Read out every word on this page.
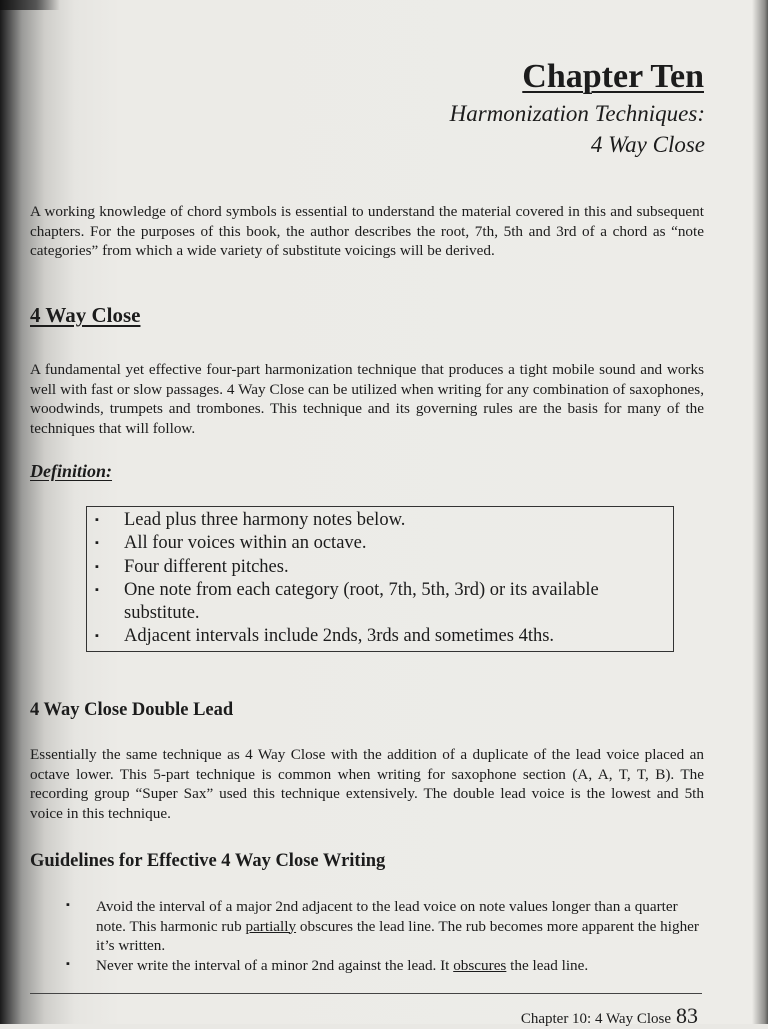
Chapter Ten
Harmonization Techniques:
4 Way Close

A working knowledge of chord symbols is essential to understand the material covered in this and subsequent chapters. For the purposes of this book, the author describes the root, 7th, 5th and 3rd of a chord as “note categories” from which a wide variety of substitute voicings will be derived.

4 Way Close

A fundamental yet effective four-part harmonization technique that produces a tight mobile sound and works well with fast or slow passages. 4 Way Close can be utilized when writing for any combination of saxophones, woodwinds, trumpets and trombones. This technique and its governing rules are the basis for many of the techniques that will follow.

Definition:
▪ Lead plus three harmony notes below.
▪ All four voices within an octave.
▪ Four different pitches.
▪ One note from each category (root, 7th, 5th, 3rd) or its available substitute.
▪ Adjacent intervals include 2nds, 3rds and sometimes 4ths.
4 Way Close Double Lead

Essentially the same technique as 4 Way Close with the addition of a duplicate of the lead voice placed an octave lower. This 5-part technique is common when writing for saxophone section (A, A, T, T, B). The recording group “Super Sax” used this technique extensively. The double lead voice is the lowest and 5th voice in this technique.

Guidelines for Effective 4 Way Close Writing
▪ Avoid the interval of a major 2nd adjacent to the lead voice on note values longer than a quarter note. This harmonic rub partially obscures the lead line. The rub becomes more apparent the higher it’s written.
▪ Never write the interval of a minor 2nd against the lead. It obscures the lead line.
Chapter 10: 4 Way Close 83
